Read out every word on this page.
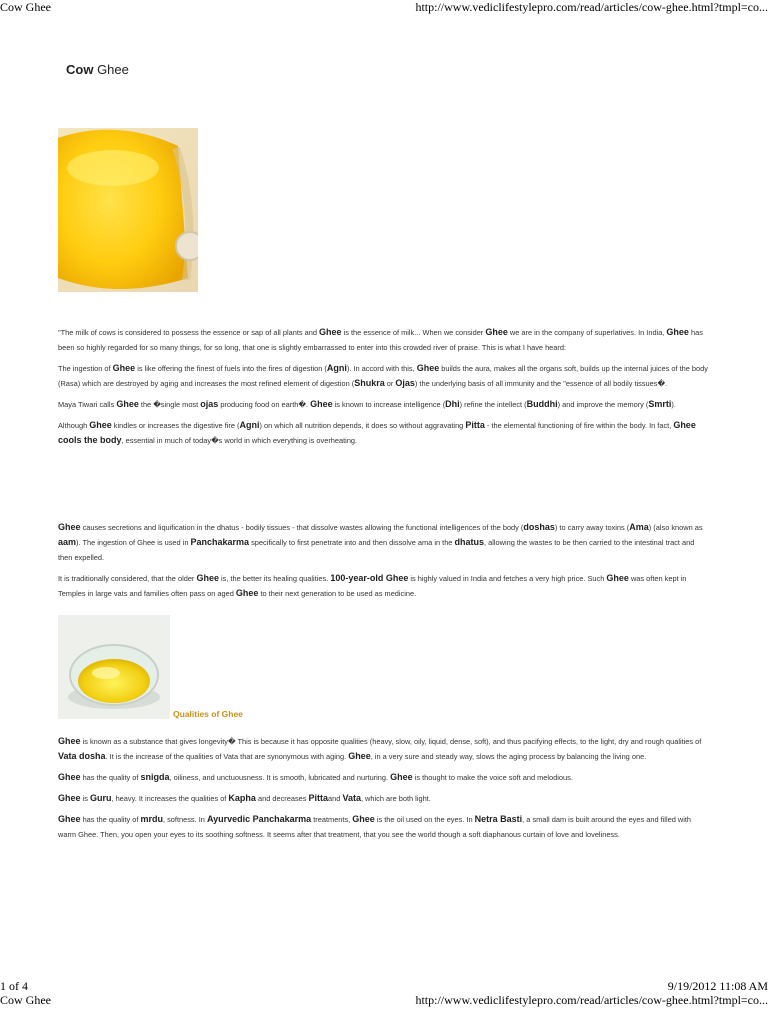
Cow Ghee	http://www.vediclifestylepro.com/read/articles/cow-ghee.html?tmpl=co...
Cow Ghee

"The milk of cows is considered to possess the essence or sap of all plants and Ghee is the essence of milk... When we consider Ghee we are in the company of superlatives. In India, Ghee has been so highly regarded for so many things, for so long, that one is slightly embarrassed to enter into this crowded river of praise. This is what I have heard:

The ingestion of Ghee is like offering the finest of fuels into the fires of digestion (Agni). In accord with this, Ghee builds the aura, makes all the organs soft, builds up the internal juices of the body (Rasa) which are destroyed by aging and increases the most refined element of digestion (Shukra or Ojas) the underlying basis of all immunity and the "essence of all bodily tissues�.

Maya Tiwari calls Ghee the �single most ojas producing food on earth�. Ghee is known to increase intelligence (Dhi) refine the intellect (Buddhi) and improve the memory (Smrti).

Although Ghee kindles or increases the digestive fire (Agni) on which all nutrition depends, it does so without aggravating Pitta - the elemental functioning of fire within the body. In fact, Ghee cools the body, essential in much of today�s world in which everything is overheating.

Ghee causes secretions and liquification in the dhatus - bodily tissues - that dissolve wastes allowing the functional intelligences of the body (doshas) to carry away toxins (Ama) (also known as aam). The ingestion of Ghee is used in Panchakarma specifically to first penetrate into and then dissolve ama in the dhatus, allowing the wastes to be then carried to the intestinal tract and then expelled.

It is traditionally considered, that the older Ghee is, the better its healing qualities. 100-year-old Ghee is highly valued in India and fetches a very high price. Such Ghee was often kept in Temples in large vats and families often pass on aged Ghee to their next generation to be used as medicine.

Qualities of Ghee

Ghee is known as a substance that gives longevity� This is because it has opposite qualities (heavy, slow, oily, liquid, dense, soft), and thus pacifying effects, to the light, dry and rough qualities of Vata dosha. It is the increase of the qualities of Vata that are synonymous with aging. Ghee, in a very sure and steady way, slows the aging process by balancing the living one.

Ghee has the quality of snigda, oiliness, and unctuousness. It is smooth, lubricated and nurturing. Ghee is thought to make the voice soft and melodious.

Ghee is Guru, heavy. It increases the qualities of Kapha and decreases Pittaand Vata, which are both light.

Ghee has the quality of mrdu, softness. In Ayurvedic Panchakarma treatments, Ghee is the oil used on the eyes. In Netra Basti, a small dam is built around the eyes and filled with warm Ghee. Then, you open your eyes to its soothing softness. It seems after that treatment, that you see the world though a soft diaphanous curtain of love and loveliness.

1 of 4	9/19/2012 11:08 AM
Cow Ghee	http://www.vediclifestylepro.com/read/articles/cow-ghee.html?tmpl=co...
